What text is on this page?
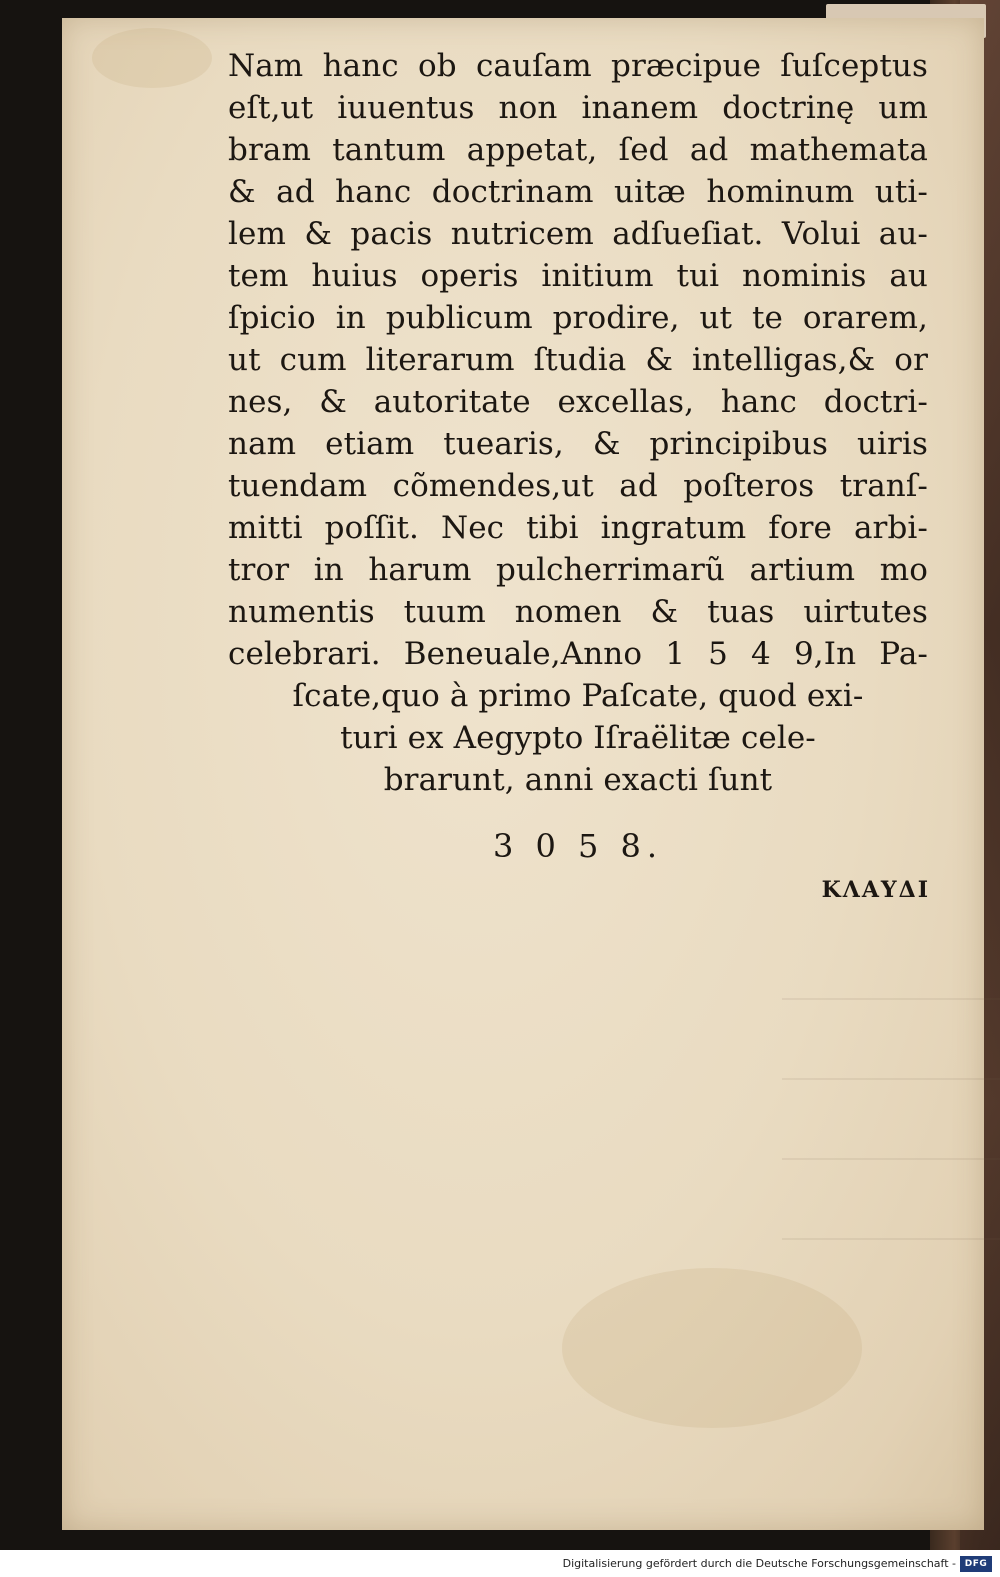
Nam hanc ob cauſam præcipue ſuſceptus
eſt,ut iuuentus non inanem doctrinę um
bram tantum appetat, ſed ad mathemata
& ad hanc doctrinam uitæ hominum uti-
lem & pacis nutricem adſueſiat. Volui au-
tem huius operis initium tui nominis au
ſpicio in publicum prodire, ut te orarem,
ut cum literarum ſtudia & intelligas,& or
nes, & autoritate excellas, hanc doctri-
nam etiam tuearis, & principibus uiris
tuendam cõmendes,ut ad poſteros tranſ-
mitti poſſit. Nec tibi ingratum fore arbi-
tror in harum pulcherrimarũ artium mo
numentis tuum nomen & tuas uirtutes
celebrari. Beneuale,Anno 1 5 4 9,In Pa-
ſcate,quo à primo Paſcate, quod exi-
turi ex Aegypto Iſraëlitæ cele-
brarunt, anni exacti ſunt
3 0 5 8.
ΚΛΑΥΔΙ
Digitalisierung gefördert durch die Deutsche Forschungsgemeinschaft - DFG
